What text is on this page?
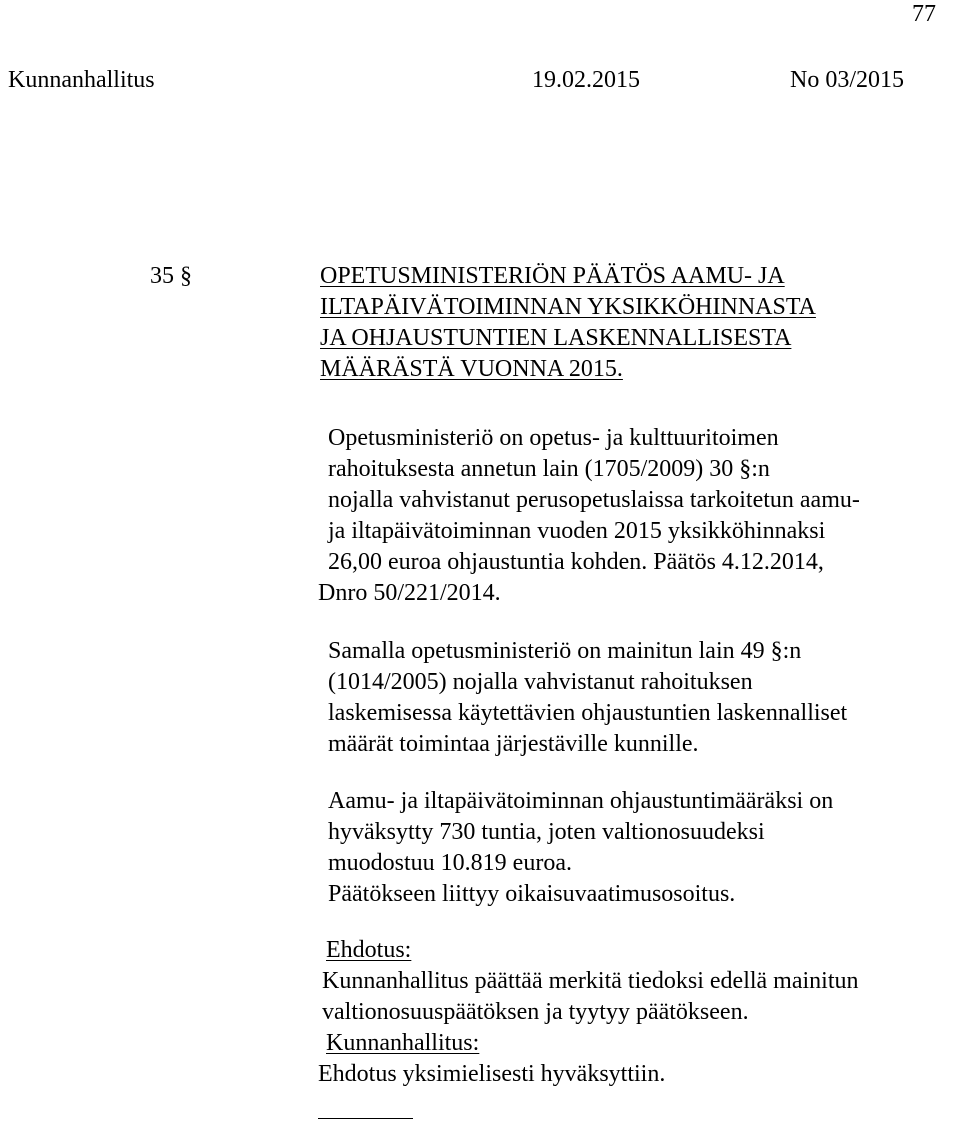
77
Kunnanhallitus	19.02.2015	No 03/2015
35 §	OPETUSMINISTERIÖN PÄÄTÖS AAMU- JA
ILTAPÄIVÄTOIMINNAN YKSIKKÖHINNASTA
JA OHJAUSTUNTIEN LASKENNALLISESTA
MÄÄRÄSTÄ VUONNA 2015.
Opetusministeriö on opetus- ja kulttuuritoimen
rahoituksesta annetun lain (1705/2009) 30 §:n
nojalla vahvistanut perusopetuslaissa tarkoitetun aamu-
ja iltapäivätoiminnan vuoden 2015 yksikköhinnaksi
26,00 euroa ohjaustuntia kohden. Päätös 4.12.2014,
Dnro 50/221/2014.
Samalla opetusministeriö on mainitun lain 49 §:n
(1014/2005) nojalla vahvistanut rahoituksen
laskemisessa käytettävien ohjaustuntien laskennalliset
määrät toimintaa järjestäville kunnille.
Aamu- ja iltapäivätoiminnan ohjaustuntimääräksi on
hyväksytty 730 tuntia, joten valtionosuudeksi
muodostuu 10.819 euroa.
Päätökseen liittyy oikaisuvaatimusosoitus.
Ehdotus:
Kunnanhallitus päättää merkitä tiedoksi edellä mainitun
valtionosuuspäätöksen ja tyytyy päätökseen.
Kunnanhallitus:
Ehdotus yksimielisesti hyväksyttiin.
